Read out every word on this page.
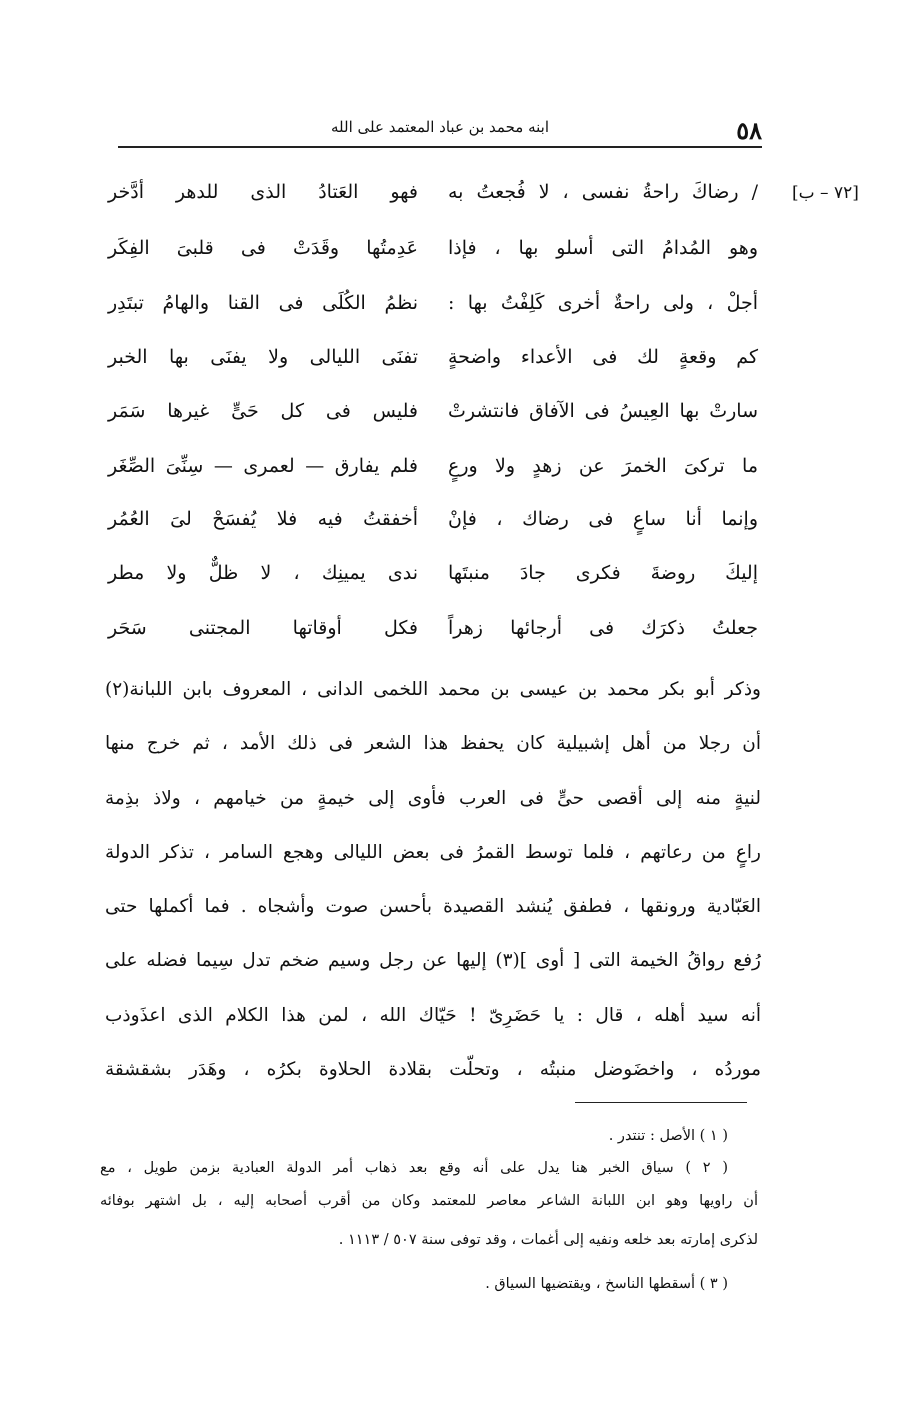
٥٨
ابنه محمد بن عباد المعتمد على الله
[٧٢ – ب]
/ رضاكَ راحةُ نفسى ، لا فُجعتُ به
فهو العَتادُ الذى للدهر أدَّخر
وهو المُدامُ التى أسلو بها ، فإذا
عَدِمتُها وقَدَتْ فى قلبىَ الفِكَر
أجلْ ، ولى راحةٌ أخرى كَلِفْتُ بها :
نظمُ الكُلَى فى القنا والهامُ تبتَدِر
كم وقعةٍ لك فى الأعداء واضحةٍ
تفنَى الليالى ولا يفنَى بها الخبر
سارتْ بها العِيسُ فى الآفاق فانتشرتْ
فليس فى كل حَىٍّ غيرها سَمَر
ما تركىَ الخمرَ عن زهدٍ ولا ورعٍ
فلم يفارق — لعمرى — سِنِّىَ الصِّغَر
وإنما أنا ساعٍ فى رضاك ، فإنْ
أخفقتُ فيه فلا يُفسَحْ لىَ العُمُر
إليكَ روضةَ فكرى جادَ منبتَها
ندى يمينِك ، لا ظلٌّ ولا مطر
جعلتُ ذكرَك فى أرجائها زهراً
فكل أوقاتها المجتنى سَحَر
وذكر أبو بكر محمد بن عيسى بن محمد اللخمى الدانى ، المعروف بابن اللبانة(٢)
أن رجلا من أهل إشبيلية كان يحفظ هذا الشعر فى ذلك الأمد ، ثم خرج منها
لنيةٍ منه إلى أقصى حىٍّ فى العرب فأوى إلى خيمةٍ من خيامهم ، ولاذ بذِمة
راعٍ من رعاتهم ، فلما توسط القمرُ فى بعض الليالى وهجع السامر ، تذكر الدولة
العَبّادية ورونقها ، فطفق يُنشد القصيدة بأحسن صوت وأشجاه . فما أكملها حتى
رُفع رواقُ الخيمة التى [ أوى ](٣) إليها عن رجل وسيم ضخم تدل سِيما فضله على
أنه سيد أهله ، قال : يا حَضَرِىّ ! حَيّاك الله ، لمن هذا الكلام الذى اعذَوذب
موردُه ، واخضَوضل منبتُه ، وتحلّت بقلادة الحلاوة بكرُه ، وهَدَر بشقشقة
( ١ ) الأصل : تنتدر .
( ٢ ) سياق الخبر هنا يدل على أنه وقع بعد ذهاب أمر الدولة العبادية بزمن طويل ، مع
أن راويها وهو ابن اللبانة الشاعر معاصر للمعتمد وكان من أقرب أصحابه إليه ، بل اشتهر بوفائه
لذكرى إمارته بعد خلعه ونفيه إلى أغمات ، وقد توفى سنة ٥٠٧ / ١١١٣ .
( ٣ ) أسقطها الناسخ ، ويقتضيها السياق .
